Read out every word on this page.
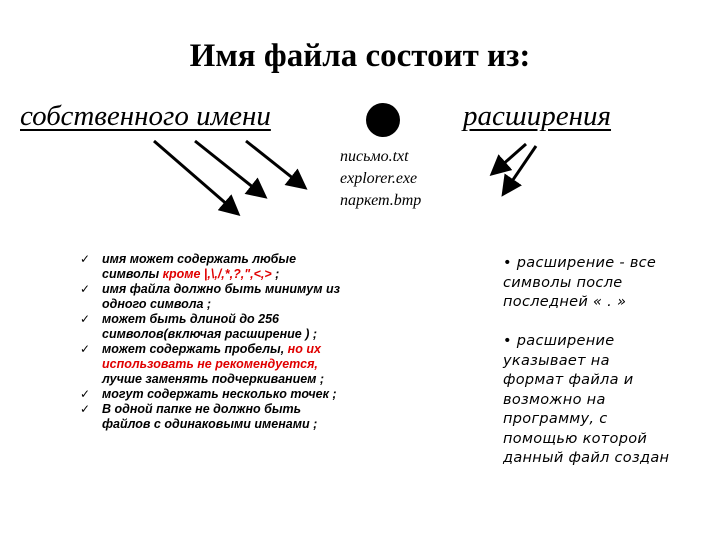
Имя файла состоит из:
собственного имени	расширения
письмо.txt
explorer.exe
паркет.bmp
✓ имя может содержать любые
символы кроме |,\,/,*,?,",<,> ;
✓ имя файла должно быть минимум из
одного символа ;
✓ может быть длиной до 256
символов(включая расширение ) ;
✓ может содержать пробелы, но их
использовать не рекомендуется,
лучше заменять подчеркиванием ;
✓ могут содержать несколько точек ;
✓ В одной папке не должно быть
файлов с одинаковыми именами ;
• расширение - все
символы после
последней « . »
• расширение
указывает на
формат файла и
возможно на
программу, с
помощью которой
данный файл создан
